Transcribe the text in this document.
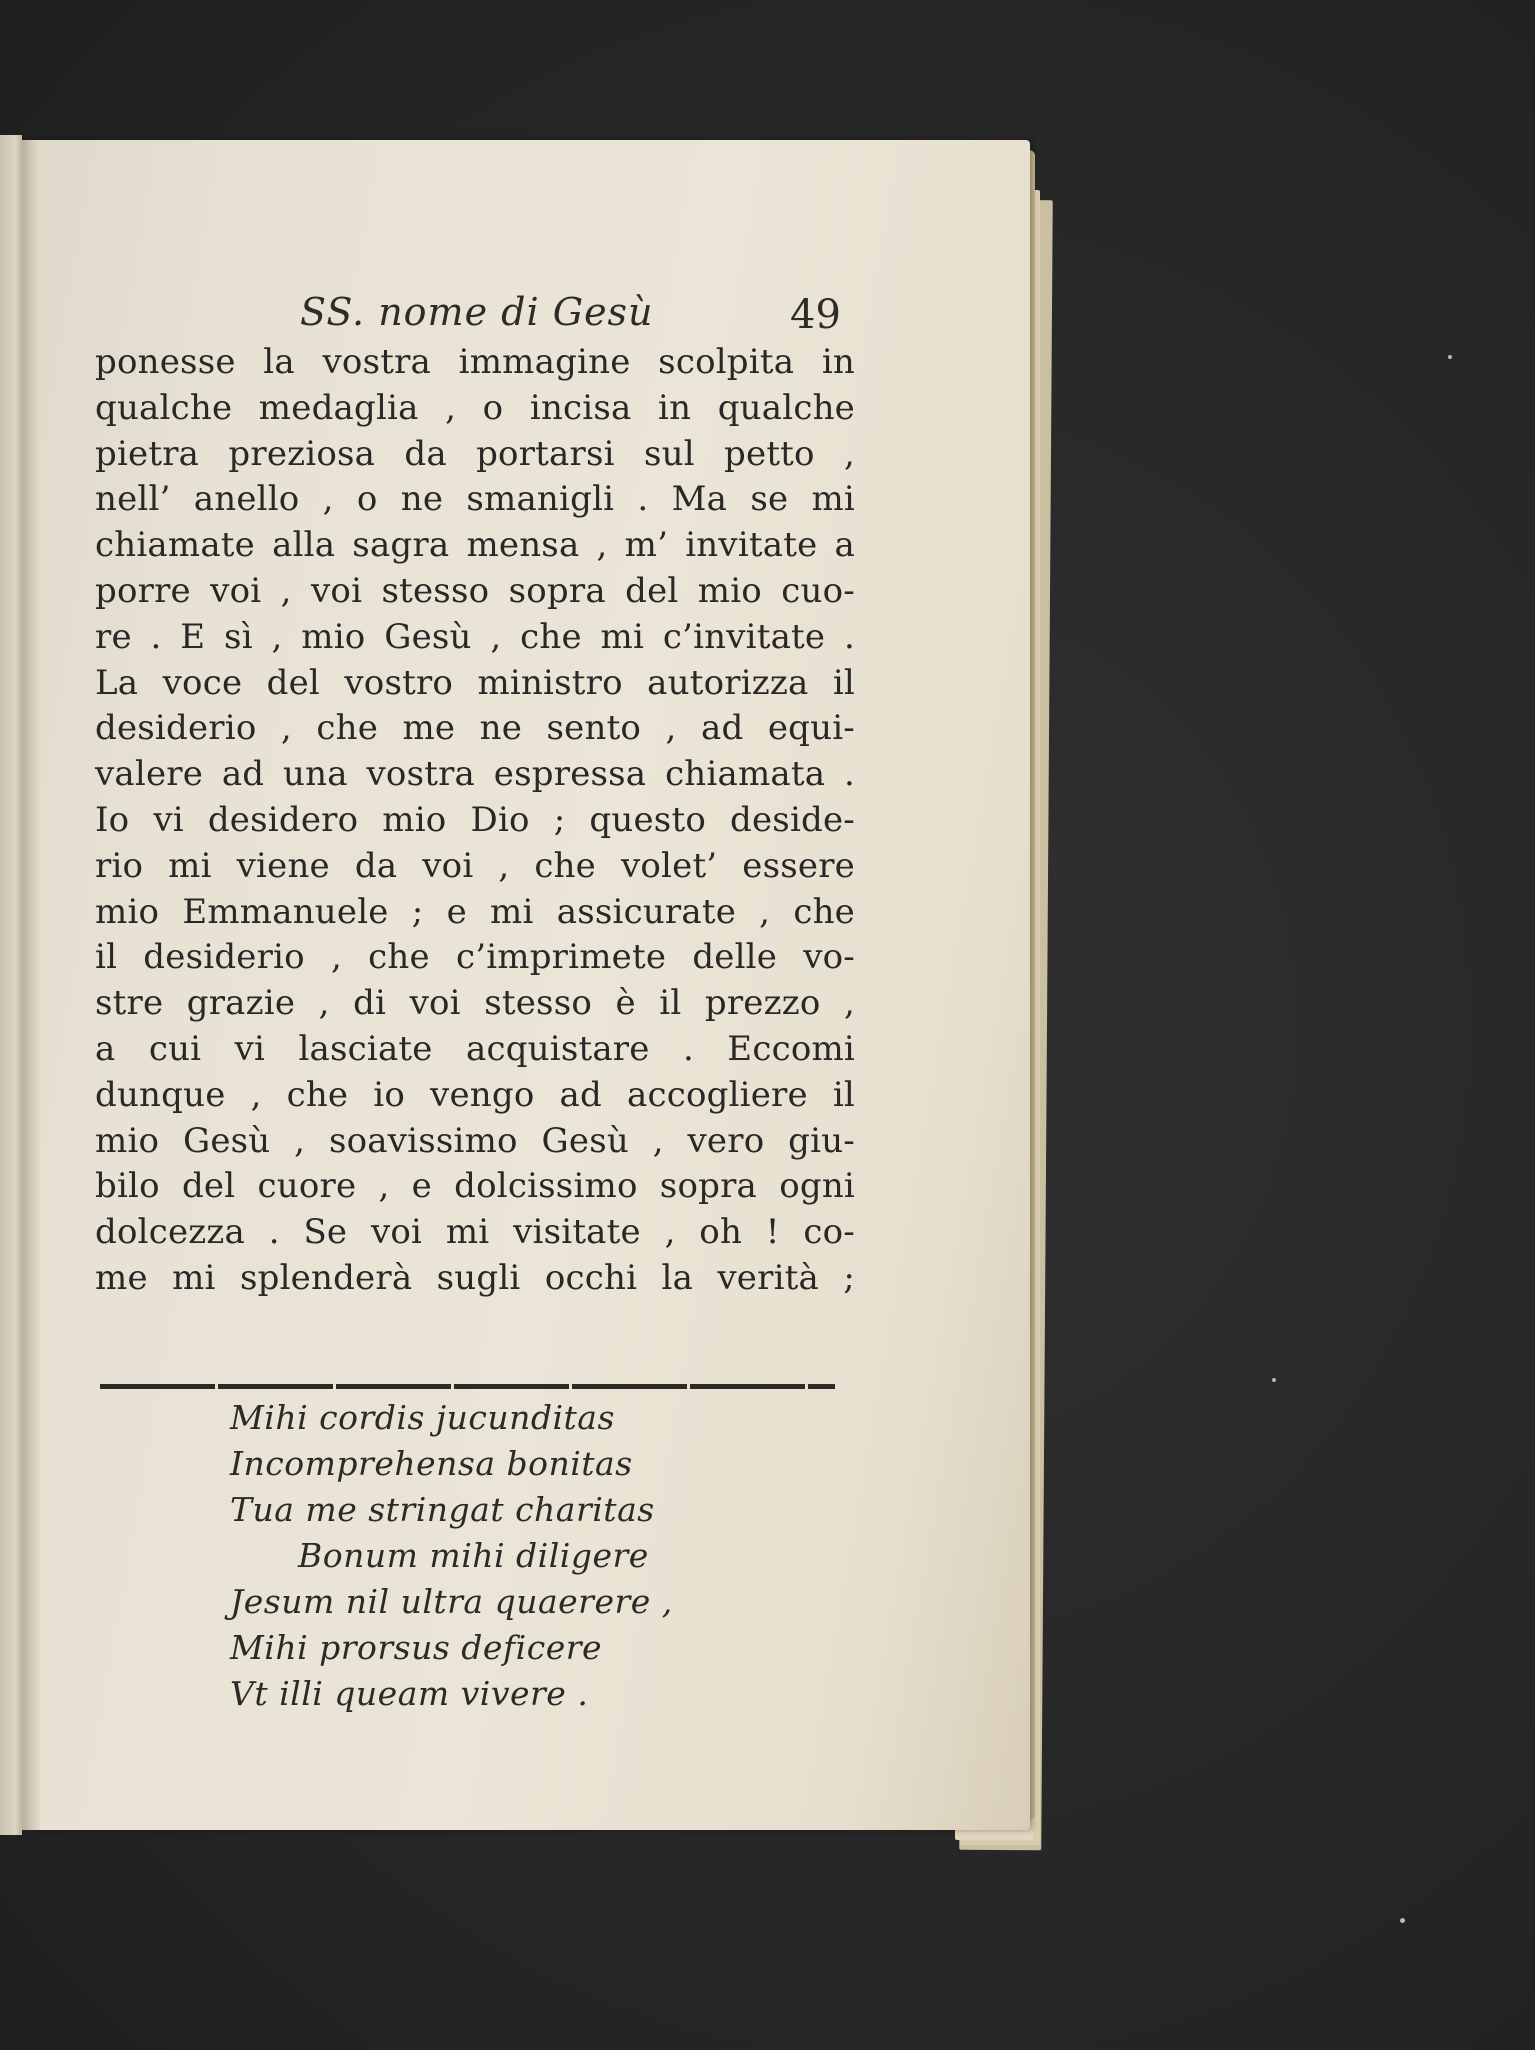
SS. nome di Gesù	49
ponesse la vostra immagine scolpita in
qualche medaglia , o incisa in qualche
pietra preziosa da portarsi sul petto ,
nell’ anello , o ne smanigli . Ma se mi
chiamate alla sagra mensa , m’ invitate a
porre voi , voi stesso sopra del mio cuo-
re . E sì , mio Gesù , che mi c’invitate .
La voce del vostro ministro autorizza il
desiderio , che me ne sento , ad equi-
valere ad una vostra espressa chiamata .
Io vi desidero mio Dio ; questo deside-
rio mi viene da voi , che volet’ essere
mio Emmanuele ; e mi assicurate , che
il desiderio , che c’imprimete delle vo-
stre grazie , di voi stesso è il prezzo ,
a cui vi lasciate acquistare . Eccomi
dunque , che io vengo ad accogliere il
mio Gesù , soavissimo Gesù , vero giu-
bilo del cuore , e dolcissimo sopra ogni
dolcezza . Se voi mi visitate , oh ! co-
me mi splenderà sugli occhi la verità ;
Mihi cordis jucunditas
Incomprehensa bonitas
Tua me stringat charitas
Bonum mihi diligere
Jesum nil ultra quaerere ,
Mihi prorsus deficere
Vt illi queam vivere .
